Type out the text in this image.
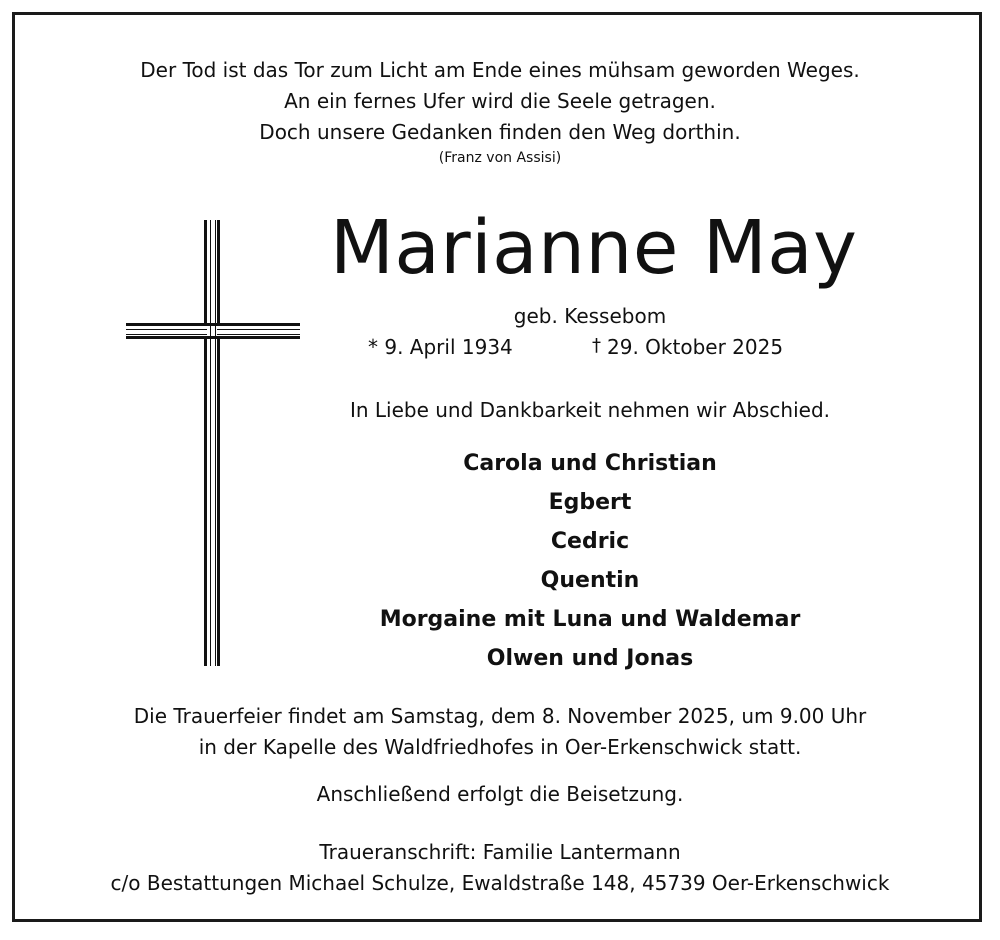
Der Tod ist das Tor zum Licht am Ende eines mühsam geworden Weges.
An ein fernes Ufer wird die Seele getragen.
Doch unsere Gedanken finden den Weg dorthin.
(Franz von Assisi)
Marianne May
geb. Kessebom
* 9. April 1934	† 29. Oktober 2025
In Liebe und Dankbarkeit nehmen wir Abschied.
Carola und Christian
Egbert
Cedric
Quentin
Morgaine mit Luna und Waldemar
Olwen und Jonas
Die Trauerfeier findet am Samstag, dem 8. November 2025, um 9.00 Uhr
in der Kapelle des Waldfriedhofes in Oer-Erkenschwick statt.
Anschließend erfolgt die Beisetzung.
Traueranschrift: Familie Lantermann
c/o Bestattungen Michael Schulze, Ewaldstraße 148, 45739 Oer-Erkenschwick
